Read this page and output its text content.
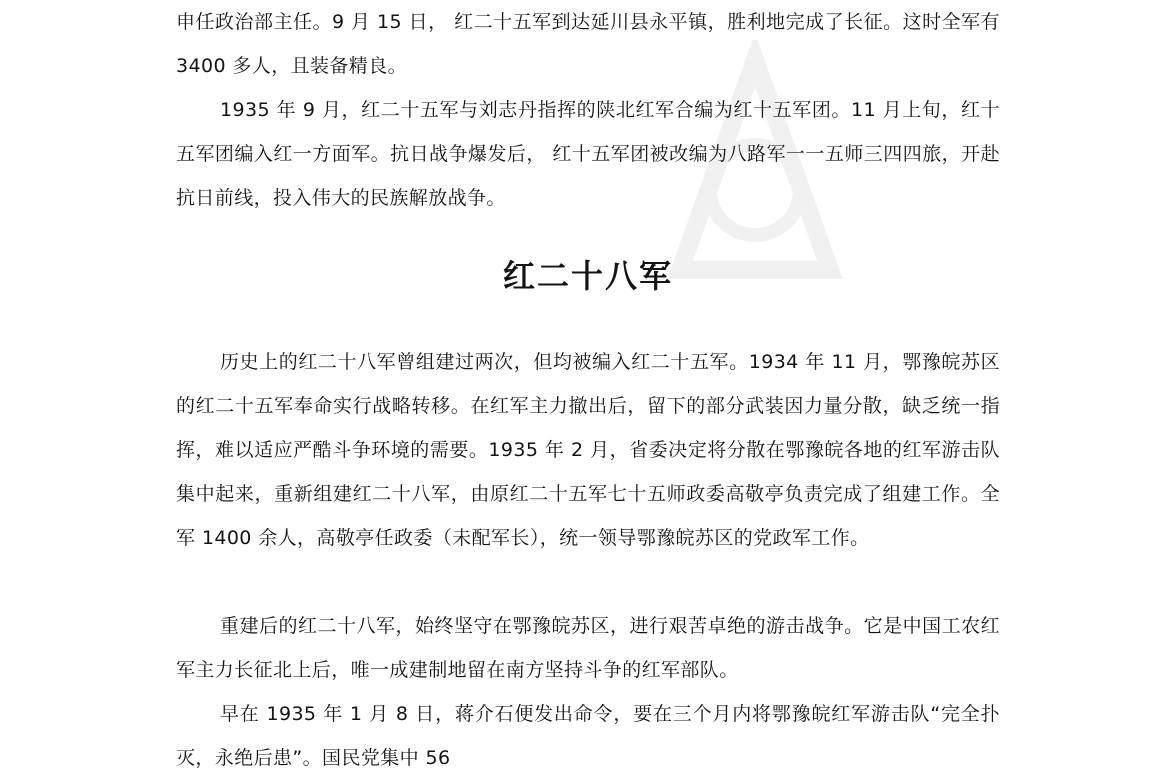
申任政治部主任。9 月 15 日， 红二十五军到达延川县永平镇，胜利地完成了长征。这时全军有 3400 多人，且装备精良。

1935 年 9 月，红二十五军与刘志丹指挥的陕北红军合编为红十五军团。11 月上旬，红十五军团编入红一方面军。抗日战争爆发后， 红十五军团被改编为八路军一一五师三四四旅，开赴抗日前线，投入伟大的民族解放战争。

红二十八军

历史上的红二十八军曾组建过两次，但均被编入红二十五军。1934 年 11 月，鄂豫皖苏区的红二十五军奉命实行战略转移。在红军主力撤出后，留下的部分武装因力量分散，缺乏统一指挥，难以适应严酷斗争环境的需要。1935 年 2 月，省委决定将分散在鄂豫皖各地的红军游击队集中起来，重新组建红二十八军，由原红二十五军七十五师政委高敬亭负责完成了组建工作。全军 1400 余人，高敬亭任政委（未配军长），统一领导鄂豫皖苏区的党政军工作。

重建后的红二十八军，始终坚守在鄂豫皖苏区，进行艰苦卓绝的游击战争。它是中国工农红军主力长征北上后，唯一成建制地留在南方坚持斗争的红军部队。

早在 1935 年 1 月 8 日，蒋介石便发出命令，要在三个月内将鄂豫皖红军游击队“完全扑灭，永绝后患”。国民党集中 56
